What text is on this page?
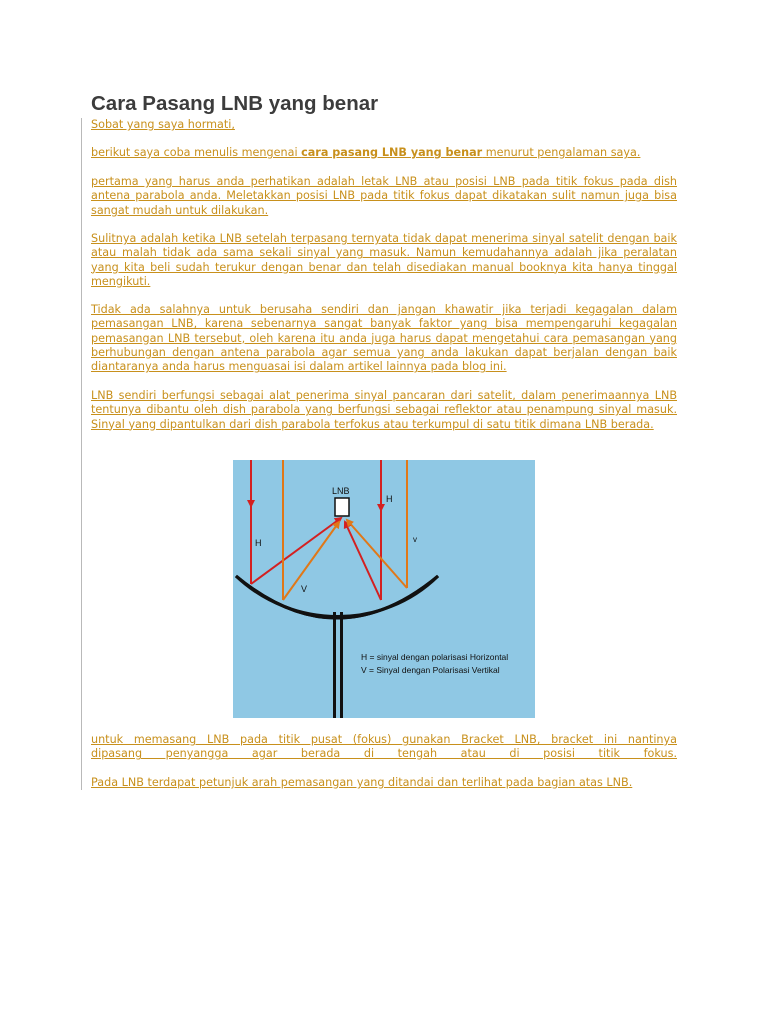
Cara Pasang LNB yang benar

Sobat yang saya hormati,

berikut saya coba menulis mengenai cara pasang LNB yang benar menurut pengalaman saya.

pertama yang harus anda perhatikan adalah letak LNB atau posisi LNB pada titik fokus pada dish antena parabola anda. Meletakkan posisi LNB pada titik fokus dapat dikatakan sulit namun juga bisa sangat mudah untuk dilakukan.

Sulitnya adalah ketika LNB setelah terpasang ternyata tidak dapat menerima sinyal satelit dengan baik atau malah tidak ada sama sekali sinyal yang masuk. Namun kemudahannya adalah jika peralatan yang kita beli sudah terukur dengan benar dan telah disediakan manual booknya kita hanya tinggal mengikuti.

Tidak ada salahnya untuk berusaha sendiri dan jangan khawatir jika terjadi kegagalan dalam pemasangan LNB, karena sebenarnya sangat banyak faktor yang bisa mempengaruhi kegagalan pemasangan LNB tersebut, oleh karena itu anda juga harus dapat mengetahui cara pemasangan yang berhubungan dengan antena parabola agar semua yang anda lakukan dapat berjalan dengan baik diantaranya anda harus menguasai isi dalam artikel lainnya pada blog ini.

LNB sendiri berfungsi sebagai alat penerima sinyal pancaran dari satelit, dalam penerimaannya LNB tentunya dibantu oleh dish parabola yang berfungsi sebagai reflektor atau penampung sinyal masuk. Sinyal yang dipantulkan dari dish parabola terfokus atau terkumpul di satu titik dimana LNB berada.

LNB
H
H
V
v
H = sinyal dengan polarisasi Horizontal
V = Sinyal dengan Polarisasi Vertikal

untuk memasang LNB pada titik pusat (fokus) gunakan Bracket LNB, bracket ini nantinya
dipasang penyangga agar berada di tengah atau di posisi titik fokus.

Pada LNB terdapat petunjuk arah pemasangan yang ditandai dan terlihat pada bagian atas LNB.
